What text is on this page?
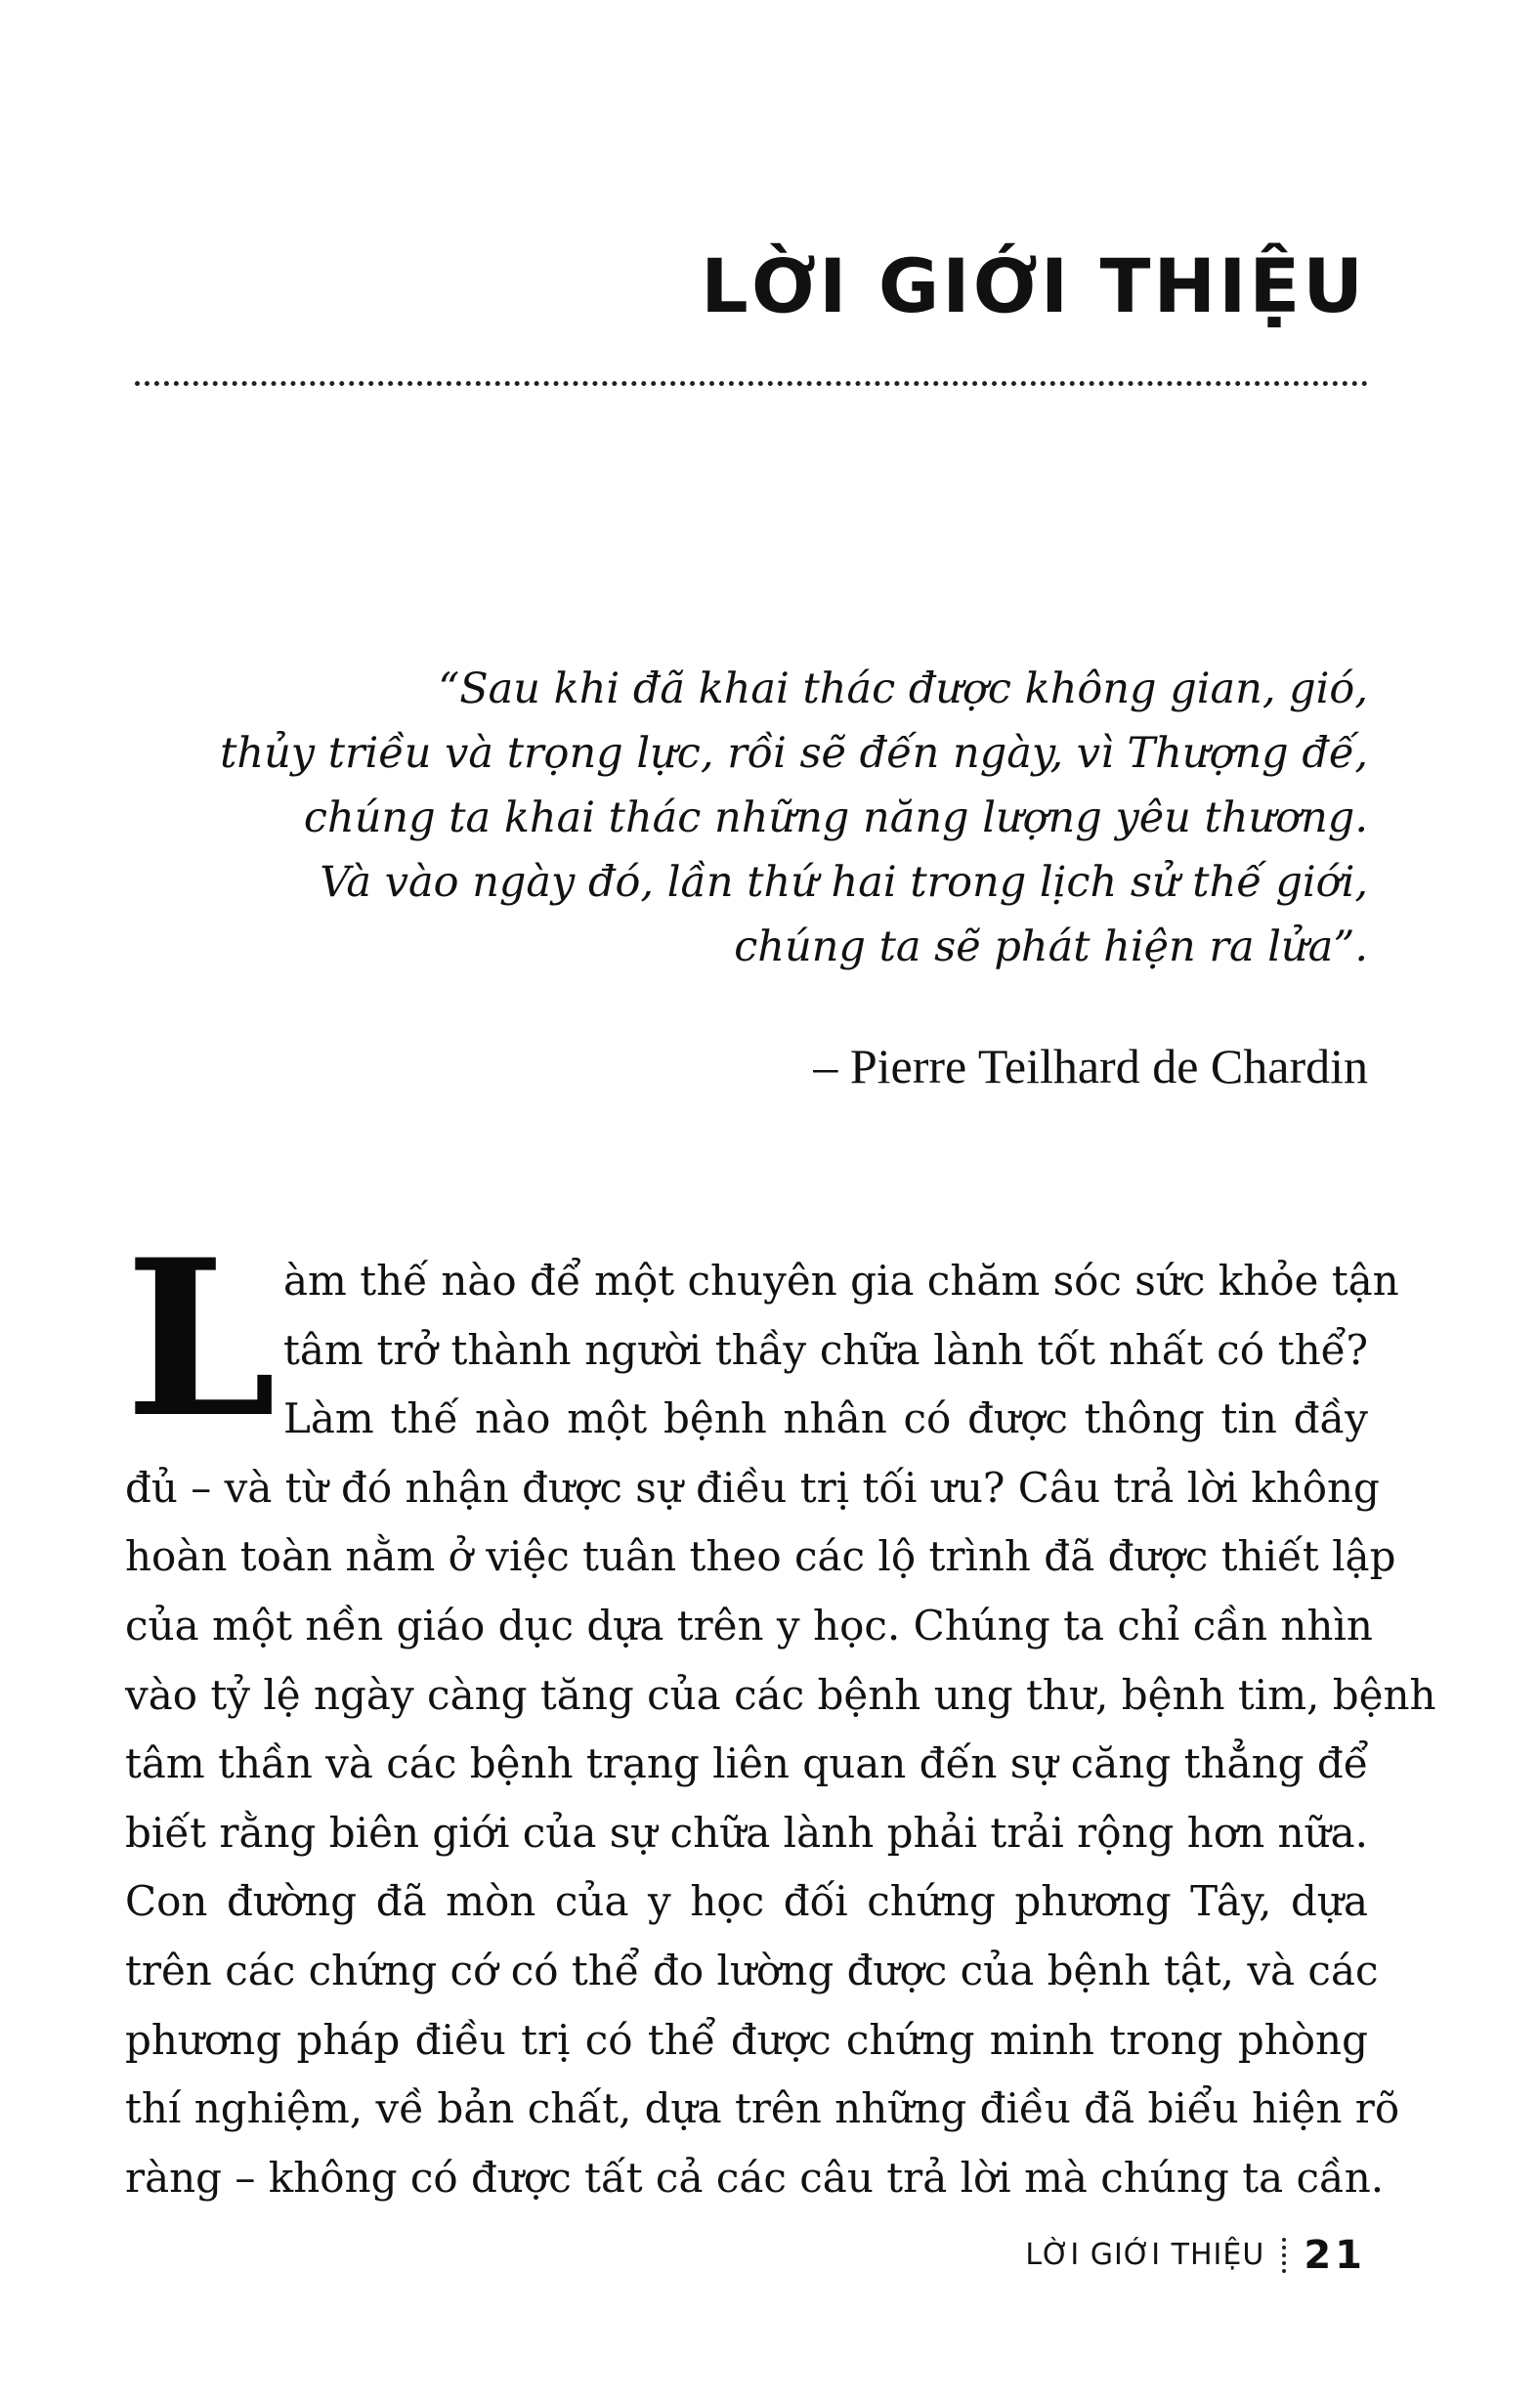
LỜI GIỚI THIỆU
“Sau khi đã khai thác được không gian, gió,
thủy triều và trọng lực, rồi sẽ đến ngày, vì Thượng đế,
chúng ta khai thác những năng lượng yêu thương.
Và vào ngày đó, lần thứ hai trong lịch sử thế giới,
chúng ta sẽ phát hiện ra lửa”.
– Pierre Teilhard de Chardin
L àm thế nào để một chuyên gia chăm sóc sức khỏe tận
tâm trở thành người thầy chữa lành tốt nhất có thể?
Làm thế nào một bệnh nhân có được thông tin đầy
đủ – và từ đó nhận được sự điều trị tối ưu? Câu trả lời không
hoàn toàn nằm ở việc tuân theo các lộ trình đã được thiết lập
của một nền giáo dục dựa trên y học. Chúng ta chỉ cần nhìn
vào tỷ lệ ngày càng tăng của các bệnh ung thư, bệnh tim, bệnh
tâm thần và các bệnh trạng liên quan đến sự căng thẳng để
biết rằng biên giới của sự chữa lành phải trải rộng hơn nữa.
Con đường đã mòn của y học đối chứng phương Tây, dựa
trên các chứng cớ có thể đo lường được của bệnh tật, và các
phương pháp điều trị có thể được chứng minh trong phòng
thí nghiệm, về bản chất, dựa trên những điều đã biểu hiện rõ
ràng – không có được tất cả các câu trả lời mà chúng ta cần.
LỜI GIỚI THIỆU 21
